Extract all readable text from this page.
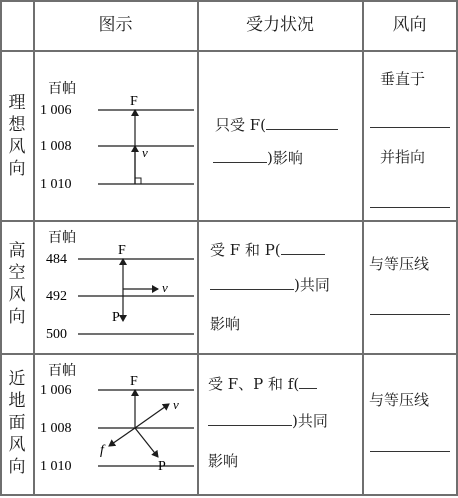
图示	受力状况	风向
理想风向
高空风向
近地面风向
百帕
1 006
1 008
1 010
F
v
百帕
484
492
500
F
v
P
百帕
1 006
1 008
1 010
F
v
f
P
只受 F(
)影响
受 F 和 P(
)共同
影响
受 F、P 和 f(
)共同
影响
垂直于
并指向
与等压线
与等压线
